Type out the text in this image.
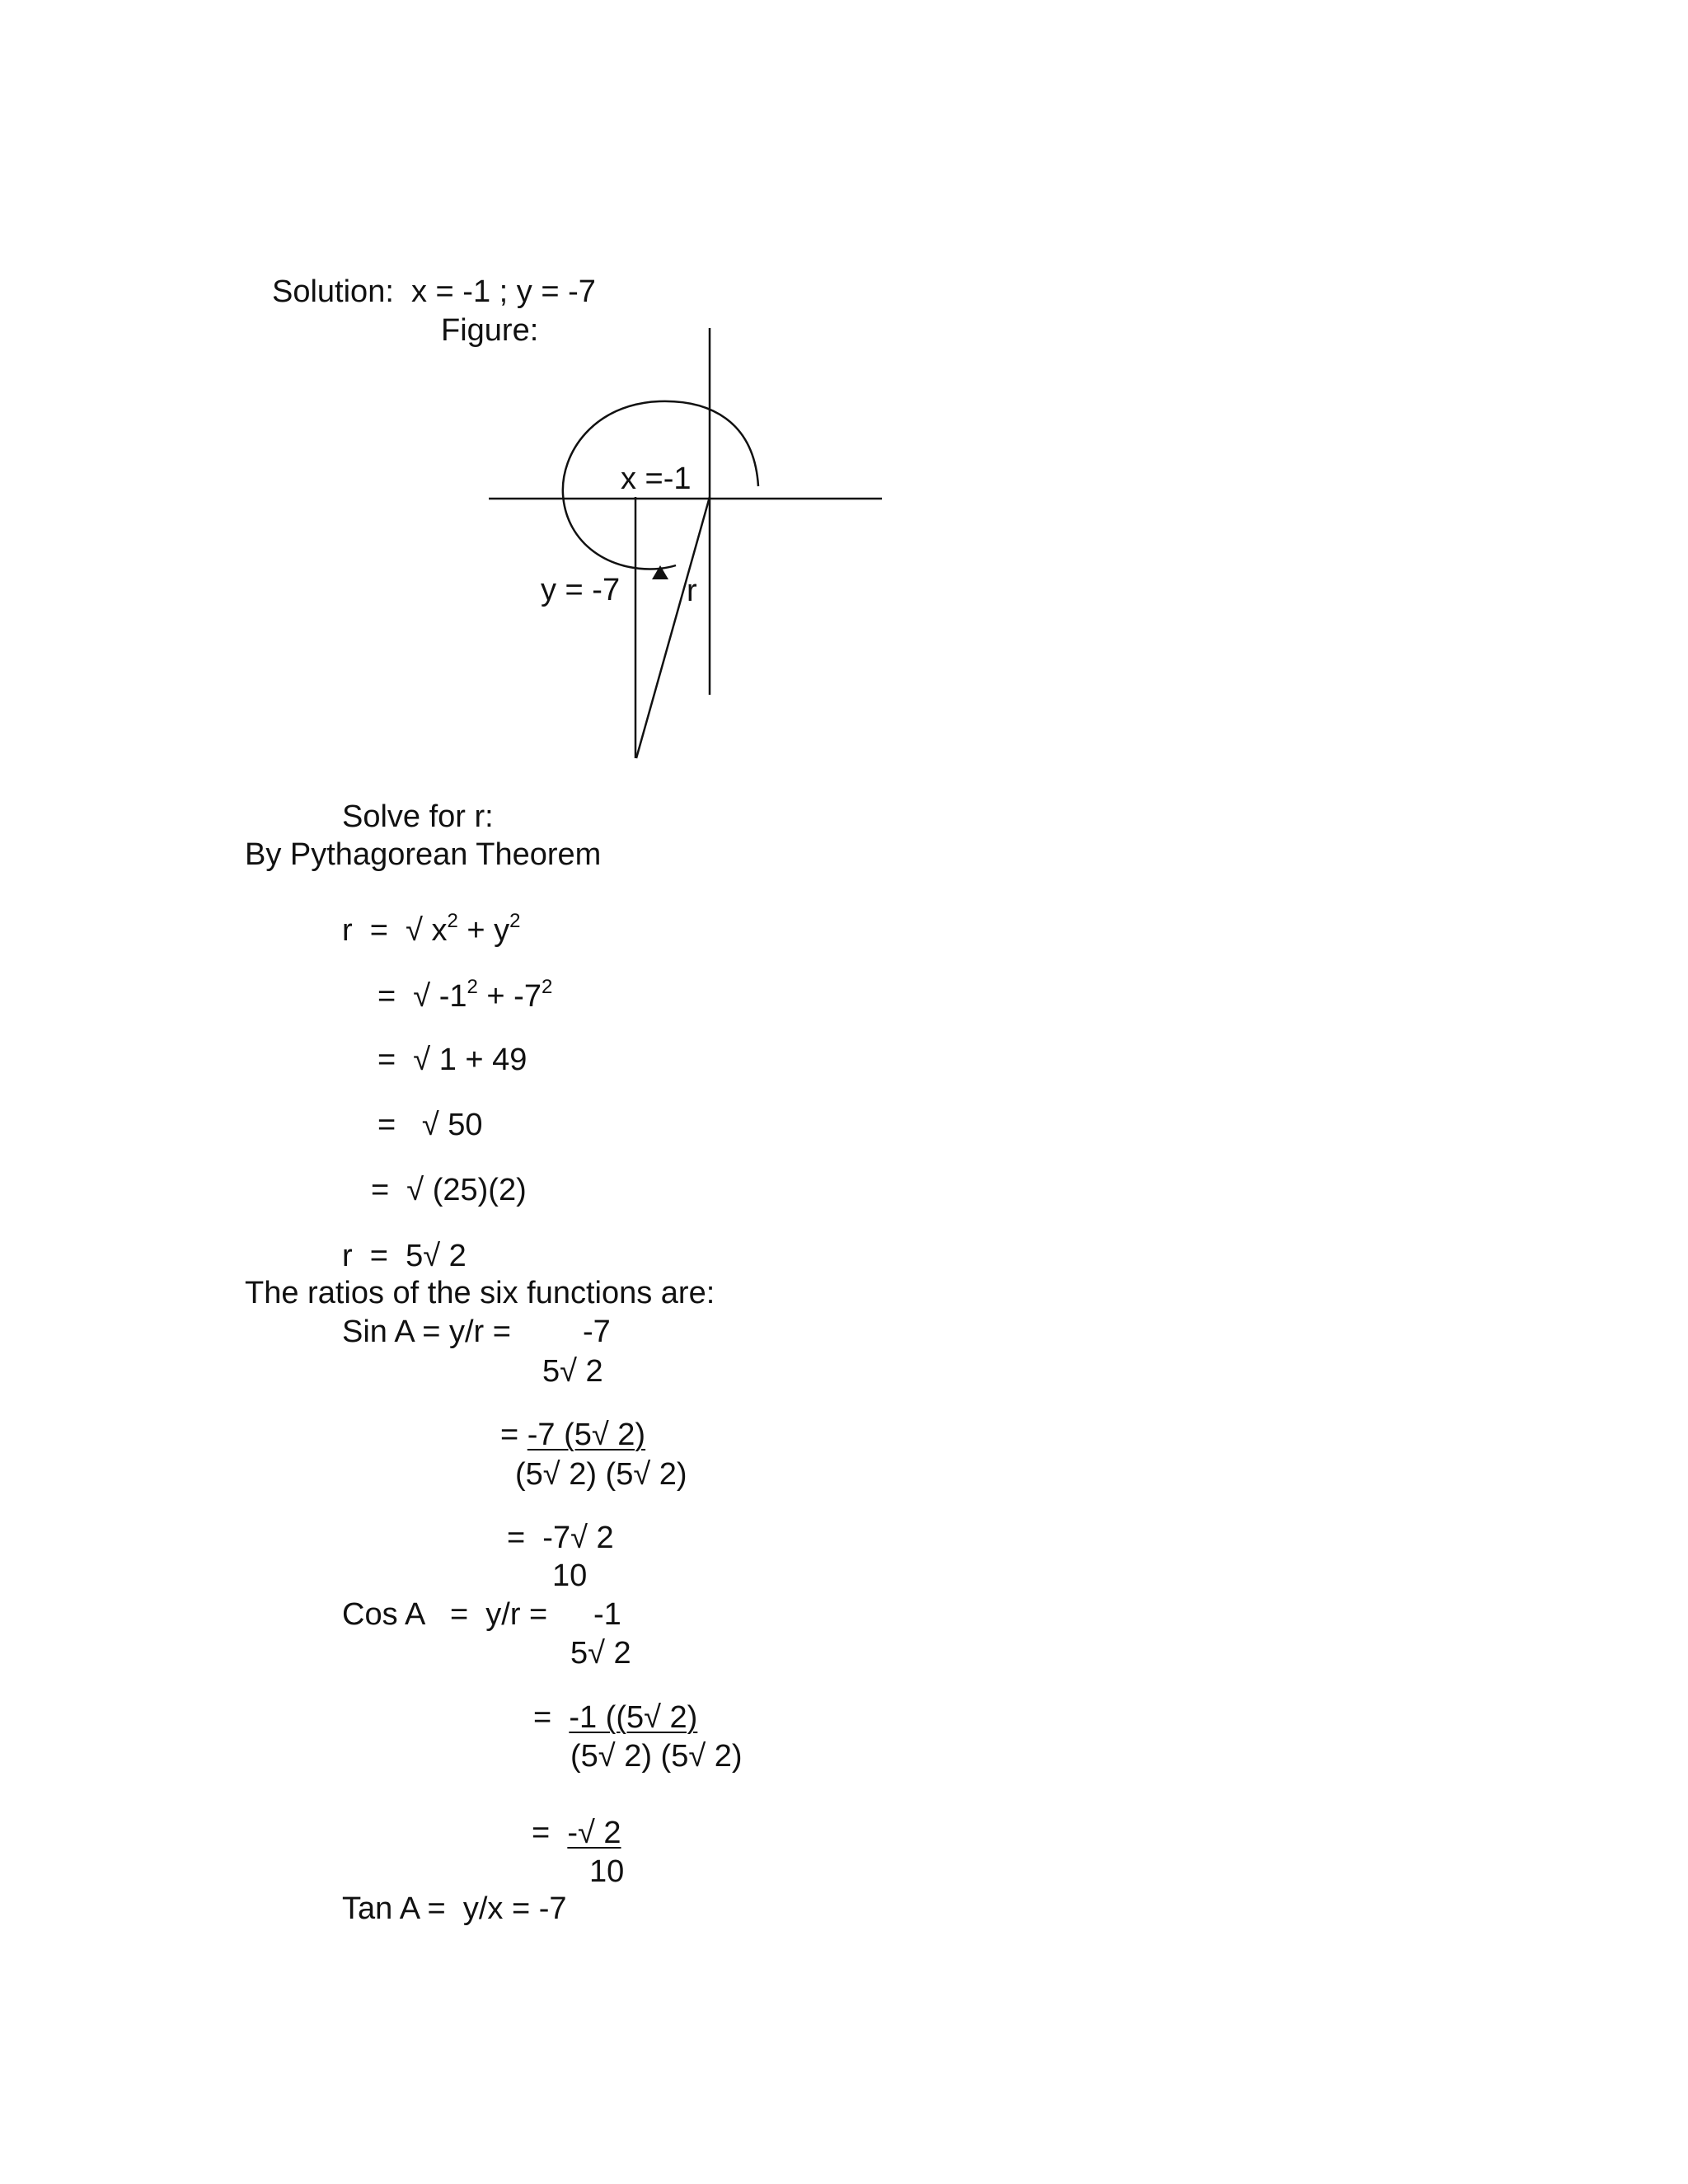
Solution:  x = -1 ; y = -7
Figure:
x =-1
y = -7 r
Solve for r:
By Pythagorean Theorem
r  =  √ $x^2 + y^2$
=  √ $-1^2 + -7^2$
=  √ 1 + 49
=   √ 50
=  √ (25)(2)
r  =  5√ 2
The ratios of the six functions are:
Sin A = y/r = -7
5√ 2
= -7 (5√ 2)
(5√ 2) (5√ 2)
=  -7√ 2
10
Cos A   =  y/r = -1
5√ 2
=  -1 ((5√ 2)
(5√ 2) (5√ 2)
=  -√ 2
10
Tan A =  y/x = -7
